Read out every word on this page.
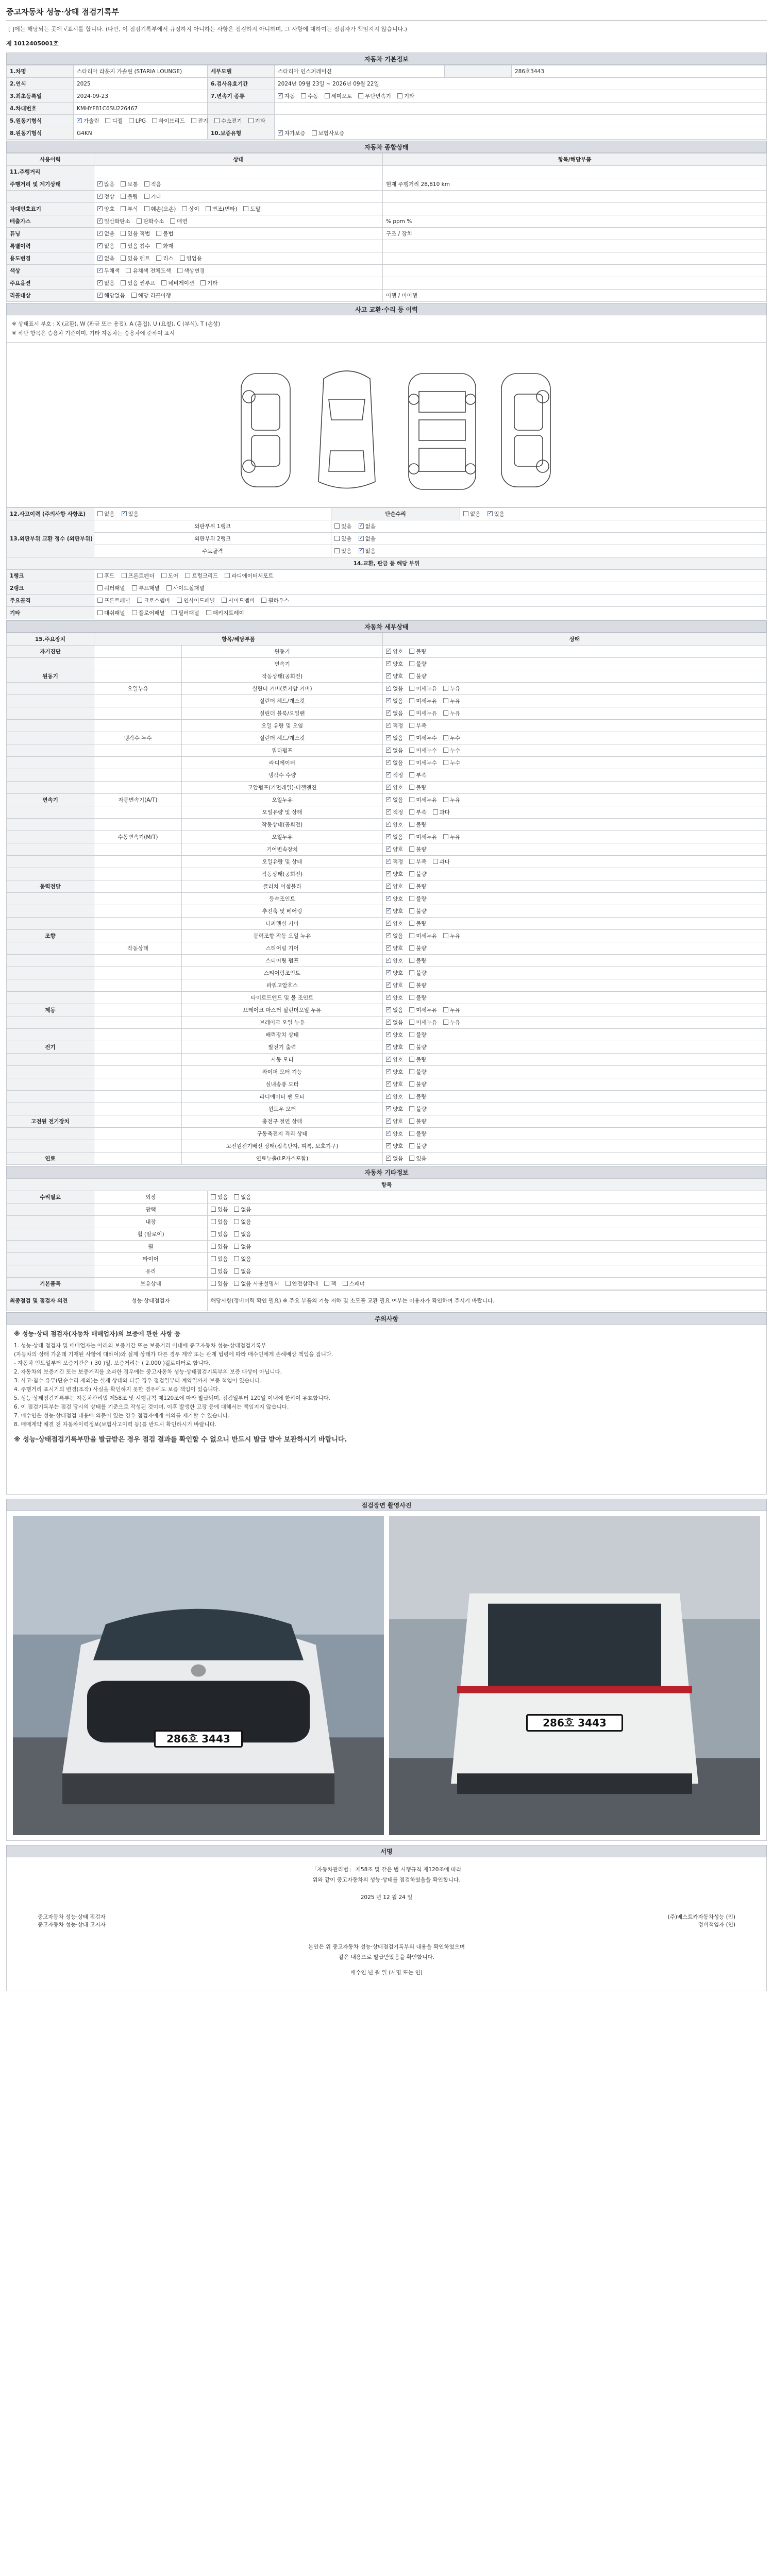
중고자동차 성능·상태 점검기록부
[ ]에는 해당되는 곳에 √표시를 합니다. (다만, 이 점검기록부에서 규정하지 아니하는 사항은 점검하지 아니하며, 그 사항에 대하여는 점검자가 책임지지 않습니다.)
제 1012405001호
자동차 기본정보
1.차명	스타리아 라운지 가솔린 (STARIA LOUNGE)	세부모델	스타리아 인스퍼레이션		286호3443
2.연식	2025	6.검사유효기간	2024년 09월 23일 ~ 2026년 09월 22일		
3.최초등록일	2024-09-23	7.변속기 종류	✓자동 수동 세미오토 무단변속기 기타
4.차대번호	KMHYF81C6SU226467				
5.원동기형식	✓가솔린 디젤 LPG 하이브리드 전기 수소전기 기타		
8.원동기형식	G4KN	10.보증유형	✓자가보증 보험사보증
자동차 종합상태
사용이력	상태	항목/해당부품
11.주행거리		
주행거리 및 계기상태	✓많음 보통 적음	현재 주행거리 28,810 km
	✓정상 불량 기타	
차대번호표기	✓양호 부식 훼손(오손) 상이 변조(변타) 도말	
배출가스	✓일산화탄소 탄화수소 매연	% ppm %
튜닝	✓없음 있음 적법 불법	구조 / 장치
특별이력	✓없음 있음 침수 화재	
용도변경	✓없음 있음 렌트 리스 영업용	
색상	✓무채색 유채색 전체도색 색상변경	
주요옵션	✓없음 있음 썬루프 네비게이션 기타	
리콜대상	✓해당없음 해당 리콜이행	이행 / 미이행
사고 교환·수리 등 이력
※ 상태표시 부호 : X (교환), W (판금 또는 용접), A (흠집), U (요철), C (부식), T (손상)
※ 하단 항목은 승용차 기준이며, 기타 자동차는 승용차에 준하여 표시
12.사고이력 (주의사항 사항조)	없음 ✓있음	단순수리	없음 ✓있음
13.외판부위 교환 정수 (외판부위)	외판부위 1랭크	있음 ✓없음
	외판부위 2랭크	있음 ✓없음
	주요골격	있음 ✓없음
14.교환, 판금 등 해당 부위			
1랭크	후드 프론트펜더 도어 트렁크리드 라디에이터서포트		
2랭크	쿼터패널 루프패널 사이드실패널		
주요골격	프론트패널 크로스멤버 인사이드패널 사이드멤버 휠하우스		
기타	대쉬패널 플로어패널 필러패널 패키지트레이		
자동차 세부상태
15.주요장치	항목/해당부품		상태
자기진단		원동기	✓양호 불량
		변속기	✓양호 불량
원동기		작동상태(공회전)	✓양호 불량
	오일누유	실린더 커버(로커암 커버)	✓없음 미세누유 누유
		실린더 헤드/개스킷	✓없음 미세누유 누유
		실린더 블록/오일팬	✓없음 미세누유 누유
		오일 유량 및 오염	✓적정 부족
	냉각수 누수	실린더 헤드/개스킷	✓없음 미세누수 누수
		워터펌프	✓없음 미세누수 누수
		라디에이터	✓없음 미세누수 누수
		냉각수 수량	✓적정 부족
		고압펌프(커먼레일)-디젤엔진	✓양호 불량
변속기	자동변속기(A/T)	오일누유	✓없음 미세누유 누유
		오일유량 및 상태	✓적정 부족 과다
		작동상태(공회전)	✓양호 불량
	수동변속기(M/T)	오일누유	✓없음 미세누유 누유
		기어변속장치	✓양호 불량
		오일유량 및 상태	✓적정 부족 과다
		작동상태(공회전)	✓양호 불량
동력전달		클러치 어셈블리	✓양호 불량
		등속조인트	✓양호 불량
		추진축 및 베어링	✓양호 불량
		디퍼렌셜 기어	✓양호 불량
조향		동력조향 작동 오일 누유	✓없음 미세누유 누유
	작동상태	스티어링 기어	✓양호 불량
		스티어링 펌프	✓양호 불량
		스티어링조인트	✓양호 불량
		파워고압호스	✓양호 불량
		타이로드엔드 및 볼 조인트	✓양호 불량
제동		브레이크 마스터 실린더오일 누유	✓없음 미세누유 누유
		브레이크 오일 누유	✓없음 미세누유 누유
		배력장치 상태	✓양호 불량
전기		발전기 출력	✓양호 불량
		시동 모터	✓양호 불량
		와이퍼 모터 기능	✓양호 불량
		실내송풍 모터	✓양호 불량
		라디에이터 팬 모터	✓양호 불량
		윈도우 모터	✓양호 불량
고전원 전기장치		충전구 절연 상태	✓양호 불량
		구동축전지 격리 상태	✓양호 불량
		고전원전기배선 상태(접속단자, 피복, 보호기구)	✓양호 불량
연료		연료누출(LP가스포함)	✓없음 있음
자동차 기타정보
항목		
수리필요	외장	있음 없음
	광택	있음 없음
	내장	있음 없음
	휠 (알로이)	있음 없음
	휠	있음 없음
	타이어	있음 없음
	유리	있음 없음
기본품목	보유상태	있음 없음 사용설명서 안전삼각대 잭 스패너
최종점검 및 점검자 의견	성능·상태점검자	해당사항(정비이력 확인 필요) ※ 주요 부품의 기능 저하 및 소모품 교환 필요 여부는 이용자가 확인하여 주시기 바랍니다.
주의사항
※ 성능·상태 점검자(자동차 매매업자)의 보증에 관한 사항 등
1. 성능·상태 점검자 및 매매업자는 아래의 보증기간 또는 보증거리 이내에 중고자동차 성능·상태점검기록부
(자동차의 상태 가운데 기재된 사항에 대하여)와 실제 상태가 다른 경우 계약 또는 관계 법령에 따라 매수인에게 손해배상 책임을 집니다.
- 자동차 인도일부터 보증기간은 ( 30 )일, 보증거리는 ( 2,000 )킬로미터로 합니다.
2. 자동차의 보증기간 또는 보증거리를 초과한 경우에는 중고자동차 성능·상태점검기록부의 보증 대상이 아닙니다.
3. 사고·침수 유무(단순수리 제외)는 실제 상태와 다른 경우 점검일부터 계약일까지 보증 책임이 있습니다.
4. 주행거리 표시기의 변경(조작) 사실을 확인하지 못한 경우에도 보증 책임이 있습니다.
5. 성능·상태점검기록부는 자동차관리법 제58조 및 시행규칙 제120조에 따라 발급되며, 점검일부터 120일 이내에 한하여 유효합니다.
6. 이 점검기록부는 점검 당시의 상태를 기준으로 작성된 것이며, 이후 발생한 고장 등에 대해서는 책임지지 않습니다.
7. 매수인은 성능·상태점검 내용에 의문이 있는 경우 점검자에게 이의를 제기할 수 있습니다.
8. 매매계약 체결 전 자동차이력정보(보험사고이력 등)를 반드시 확인하시기 바랍니다.
※ 성능·상태점검기록부만을 발급받은 경우 점검 결과를 확인할 수 없으니 반드시 발급 받아 보관하시기 바랍니다.
점검장면 촬영사진
286호 3443
286호 3443
서명
「자동차관리법」 제58조 및 같은 법 시행규칙 제120조에 따라
위와 같이 중고자동차의 성능·상태를 점검하였음을 확인합니다.
2025 년 12 월 24 일
중고자동차 성능·상태 점검자
중고자동차 성능·상태 고지자
(주)베스트카자동차성능 (인)
정비책임자 (인)
본인은 위 중고자동차 성능·상태점검기록부의 내용을 확인하였으며
같은 내용으로 발급받았음을 확인합니다.
매수인 년 월 일 (서명 또는 인)
